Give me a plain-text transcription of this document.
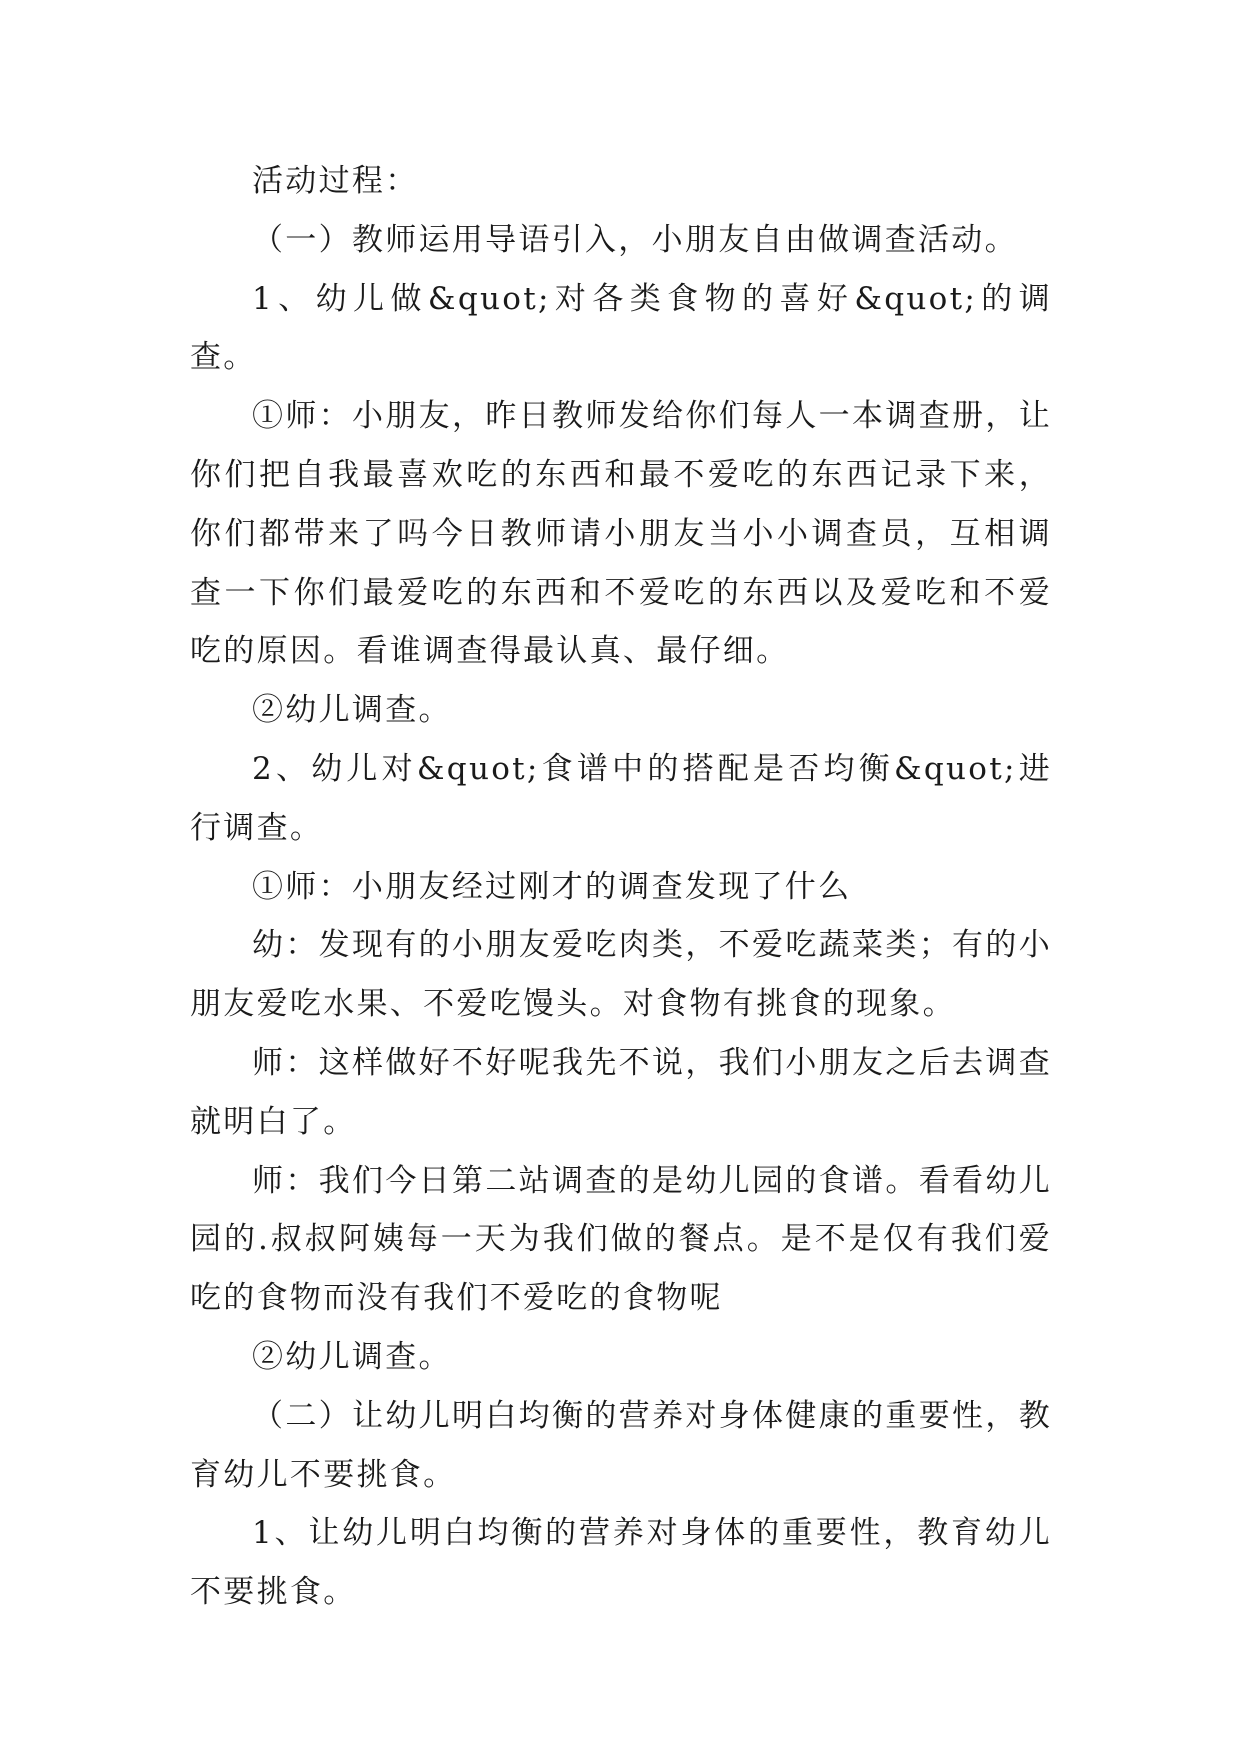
活动过程：

（一）教师运用导语引入，小朋友自由做调查活动。

1、幼儿做&quot;对各类食物的喜好&quot;的调查。

①师：小朋友，昨日教师发给你们每人一本调查册，让你们把自我最喜欢吃的东西和最不爱吃的东西记录下来，你们都带来了吗今日教师请小朋友当小小调查员，互相调查一下你们最爱吃的东西和不爱吃的东西以及爱吃和不爱吃的原因。看谁调查得最认真、最仔细。

②幼儿调查。

2、幼儿对&quot;食谱中的搭配是否均衡&quot;进行调查。

①师：小朋友经过刚才的调查发现了什么

幼：发现有的小朋友爱吃肉类，不爱吃蔬菜类；有的小朋友爱吃水果、不爱吃馒头。对食物有挑食的现象。

师：这样做好不好呢我先不说，我们小朋友之后去调查就明白了。

师：我们今日第二站调查的是幼儿园的食谱。看看幼儿园的.叔叔阿姨每一天为我们做的餐点。是不是仅有我们爱吃的食物而没有我们不爱吃的食物呢

②幼儿调查。

（二）让幼儿明白均衡的营养对身体健康的重要性，教育幼儿不要挑食。

1、让幼儿明白均衡的营养对身体的重要性，教育幼儿不要挑食。
